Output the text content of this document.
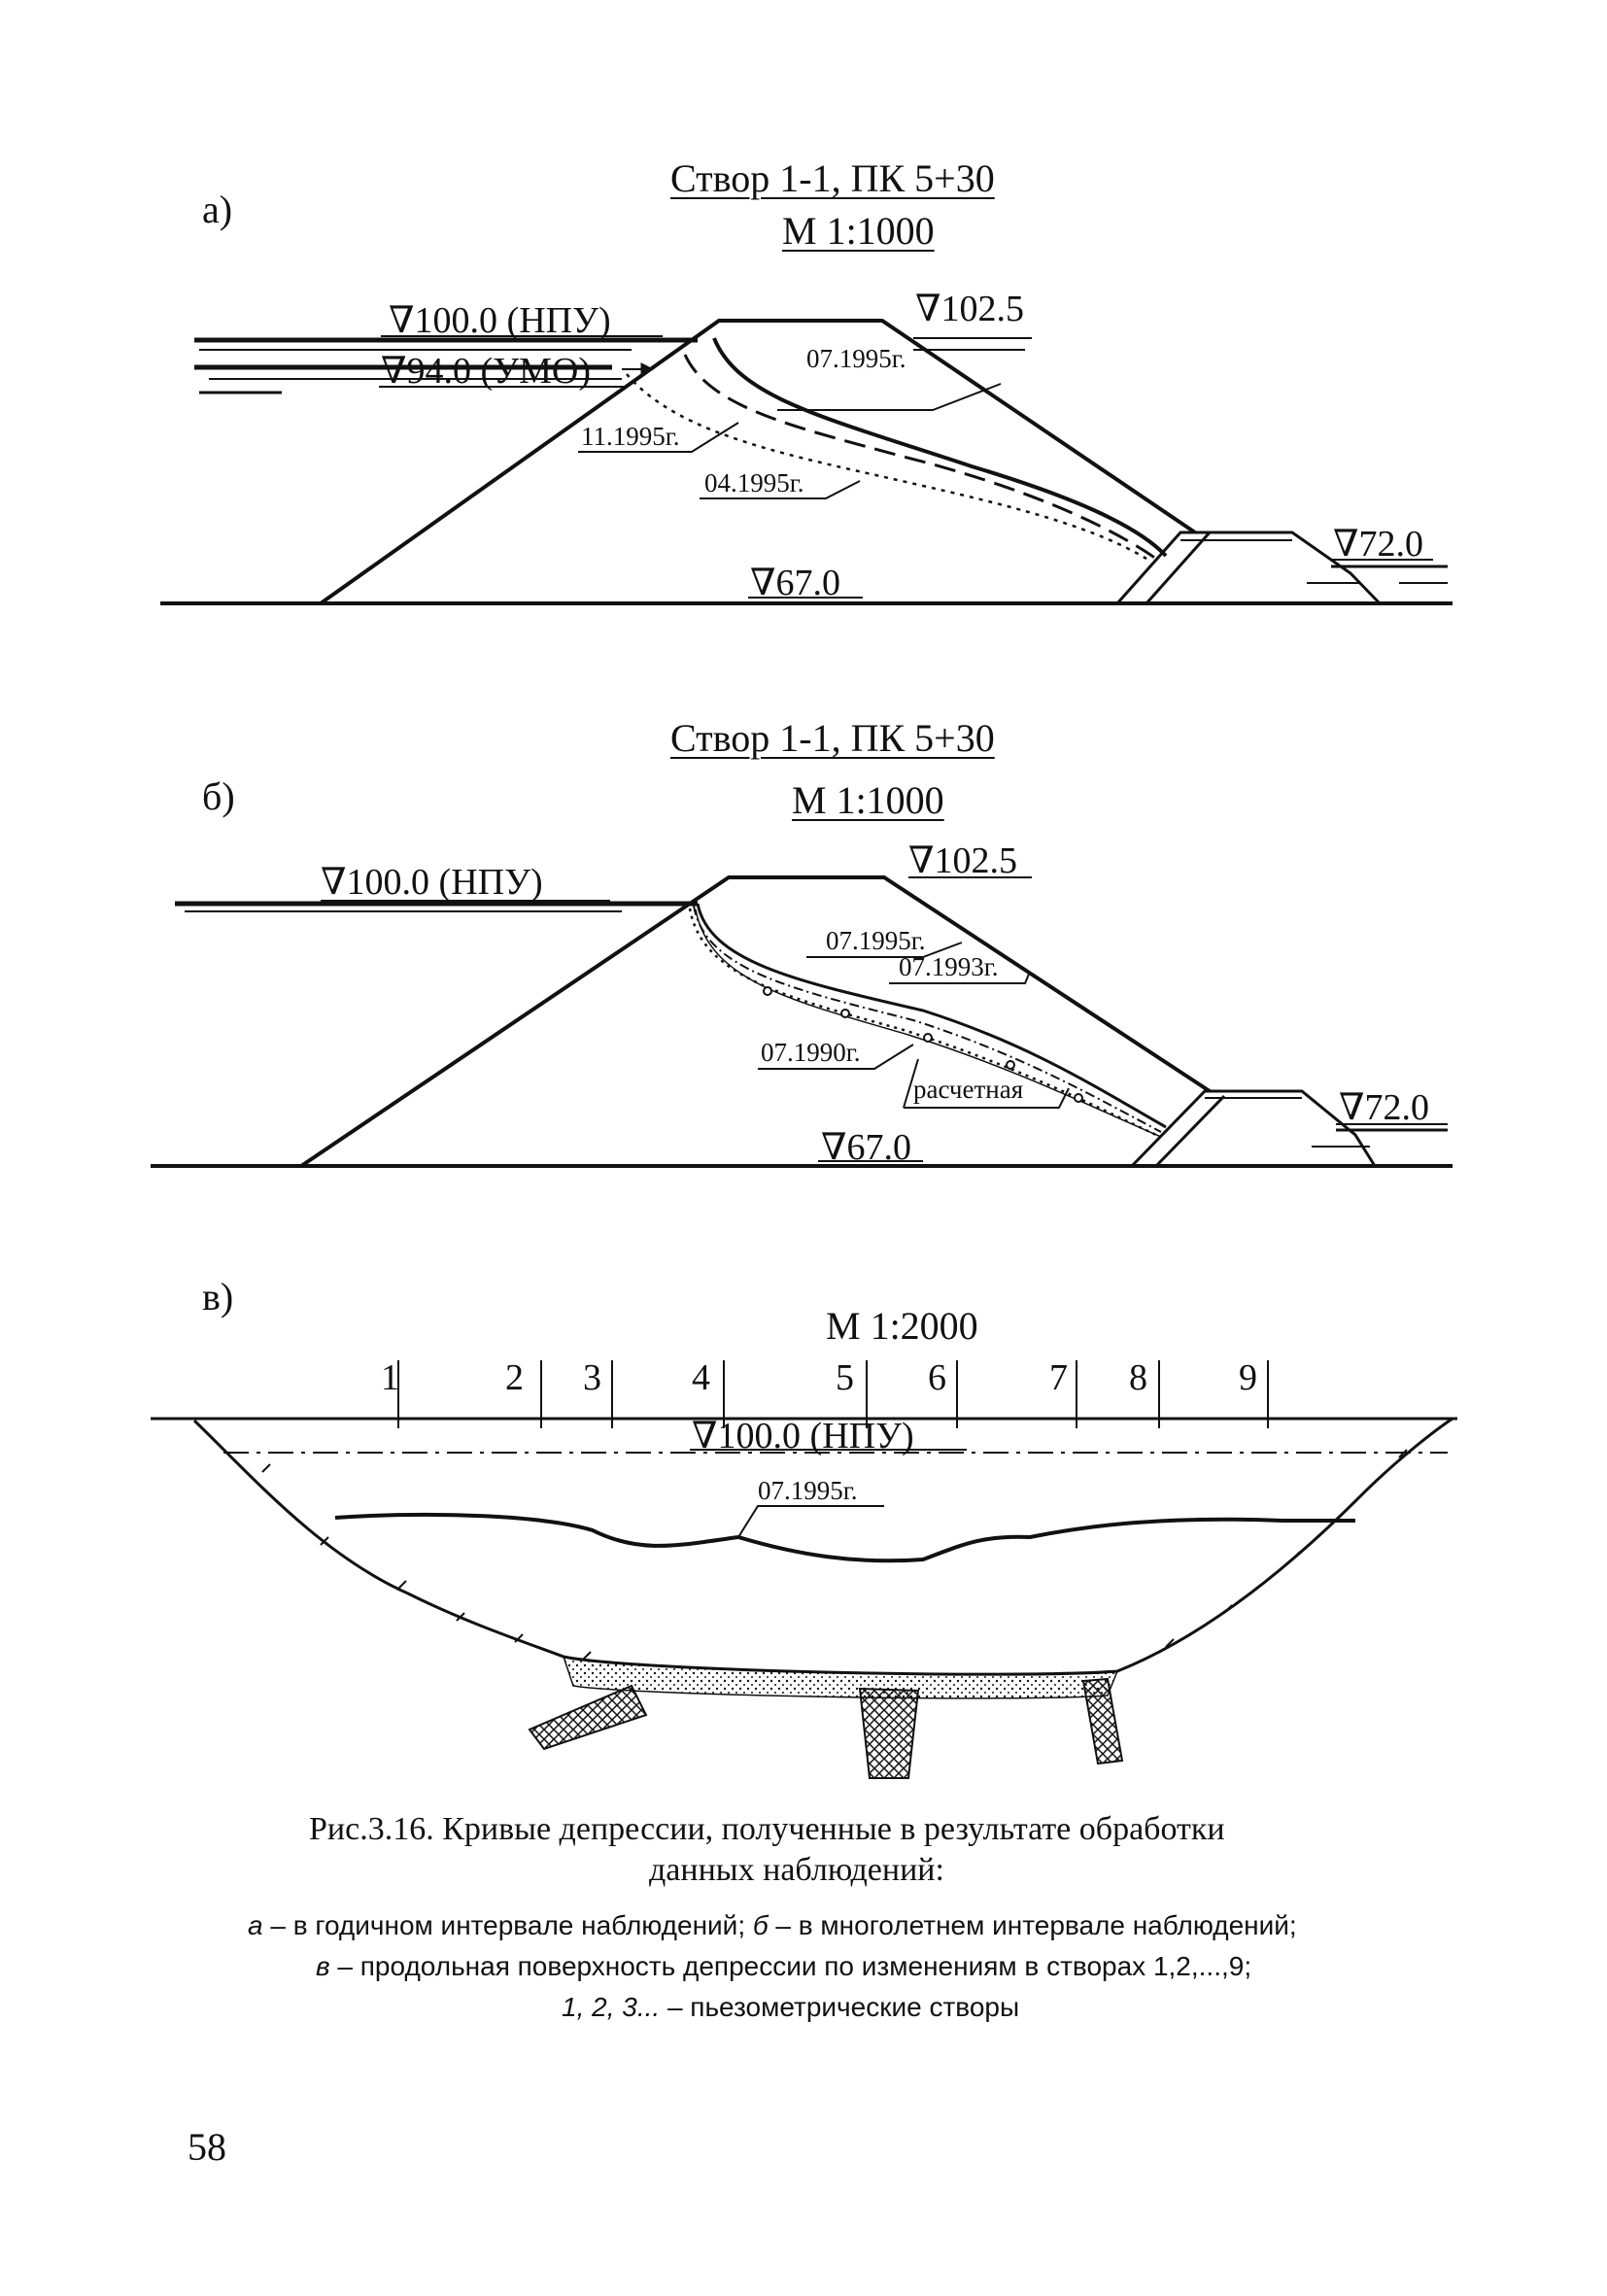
а)
Створ 1-1, ПК 5+30
М 1:1000
∇100.0 (НПУ)
∇94.0 (УМО)
∇102.5
∇72.0
∇67.0
07.1995г.
11.1995г.
04.1995г.
б)
Створ 1-1, ПК 5+30
М 1:1000
∇100.0 (НПУ)
∇102.5
∇72.0
∇67.0
07.1995г.
07.1993г.
07.1990г.
расчетная
в)
М 1:2000
1	2 3 4	5 6	7 8 9
∇100.0 (НПУ)
07.1995г.
Рис.3.16. Кривые депрессии, полученные в результате обработки
данных наблюдений:
а – в годичном интервале наблюдений; б – в многолетнем интервале наблюдений;
в – продольная поверхность депрессии по изменениям в створах 1,2,...,9;
1, 2, 3... – пьезометрические створы
58
